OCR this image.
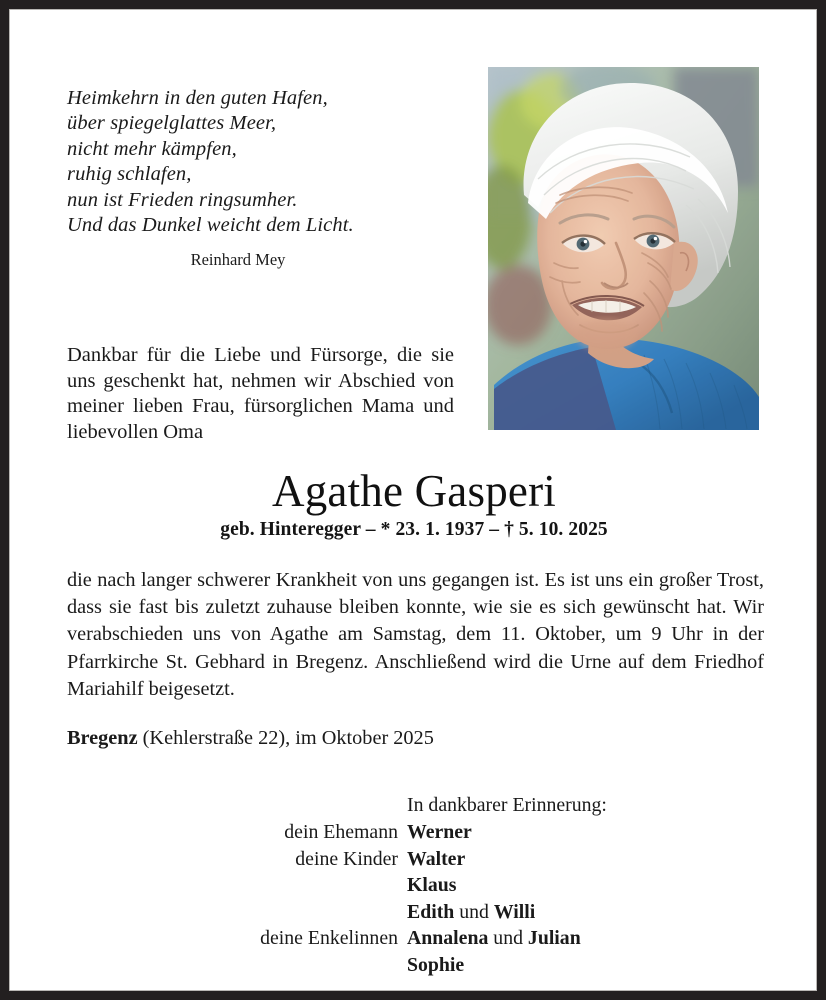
Heimkehrn in den guten Hafen,
über spiegelglattes Meer,
nicht mehr kämpfen,
ruhig schlafen,
nun ist Frieden ringsumher.
Und das Dunkel weicht dem Licht.
Reinhard Mey
Dankbar für die Liebe und Fürsorge, die sie uns geschenkt hat, nehmen wir Abschied von meiner lieben Frau, fürsorglichen Mama und liebevollen Oma
Agathe Gasperi
geb. Hinteregger – * 23. 1. 1937 – † 5. 10. 2025
die nach langer schwerer Krankheit von uns gegangen ist. Es ist uns ein großer Trost, dass sie fast bis zuletzt zuhause bleiben konnte, wie sie es sich gewünscht hat. Wir verabschieden uns von Agathe am Samstag, dem 11. Oktober, um 9 Uhr in der Pfarrkirche St. Gebhard in Bregenz. Anschließend wird die Urne auf dem Friedhof Mariahilf beigesetzt.
Bregenz (Kehlerstraße 22), im Oktober 2025
In dankbarer Erinnerung:
dein Ehemann Werner
deine Kinder Walter
Klaus
Edith und Willi
deine Enkelinnen Annalena und Julian
Sophie
